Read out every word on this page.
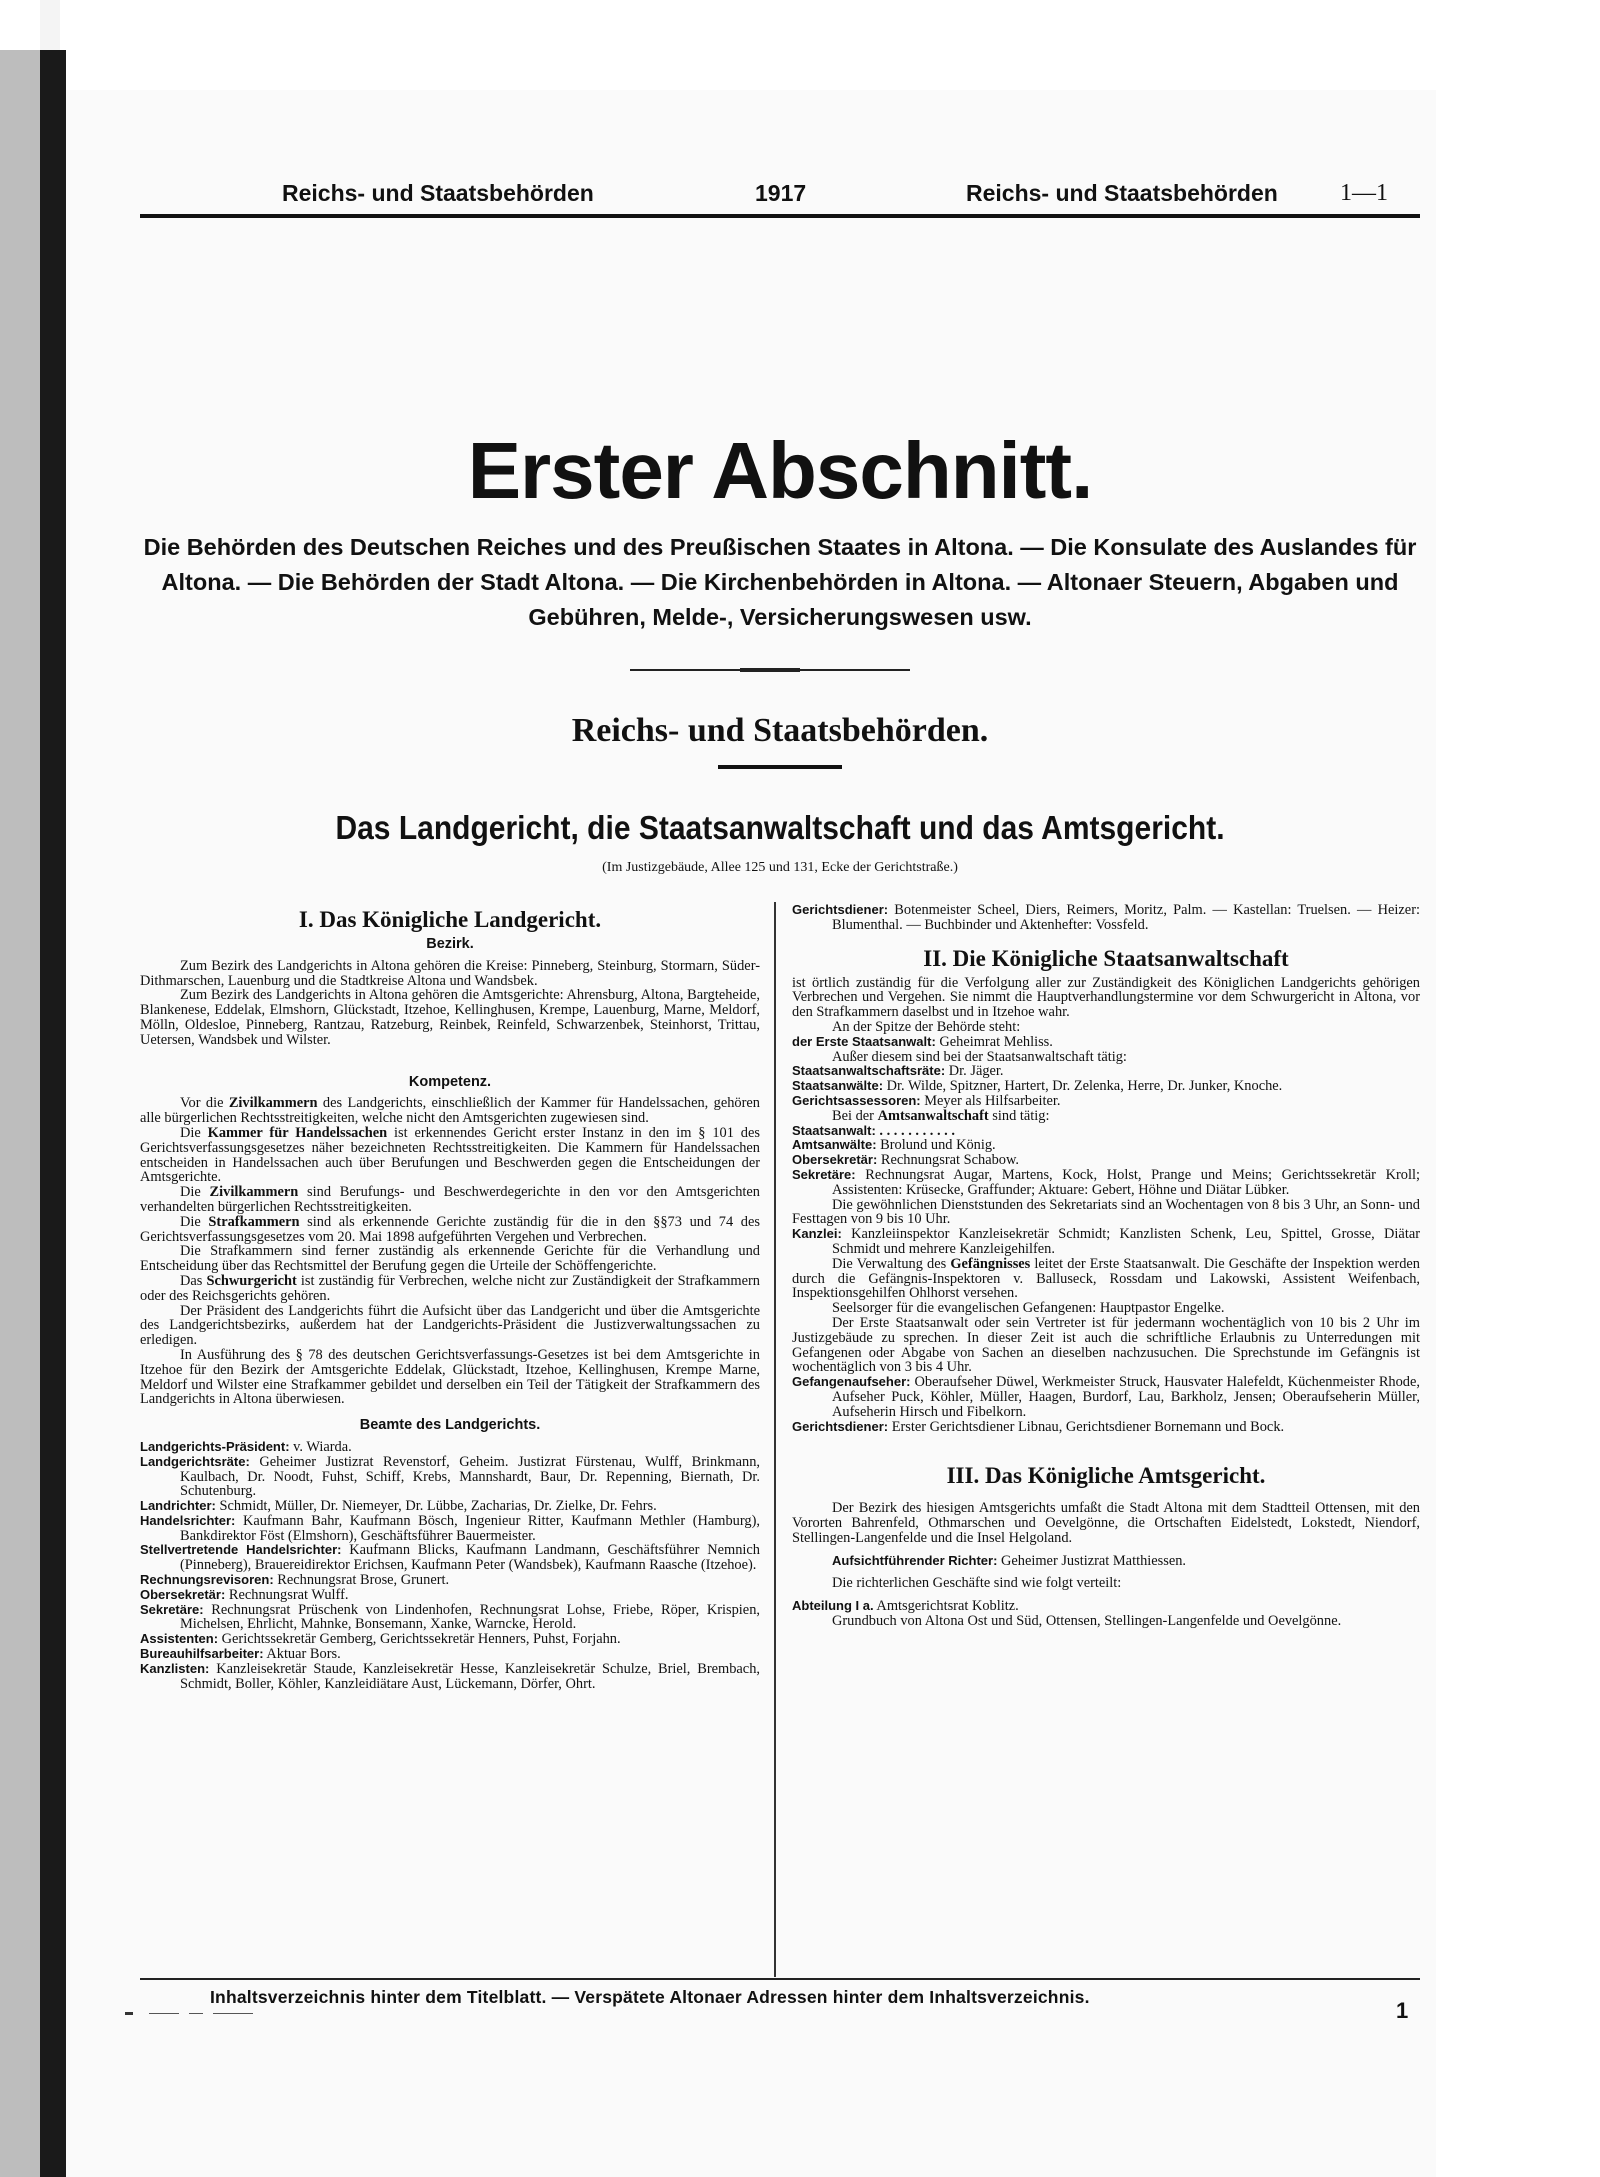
Reichs- und Staatsbehörden	1917	Reichs- und Staatsbehörden	1—1
Erster Abschnitt.
Die Behörden des Deutschen Reiches und des Preußischen Staates in Altona. — Die Konsulate des Auslandes für Altona. — Die Behörden der Stadt Altona. — Die Kirchenbehörden in Altona. — Altonaer Steuern, Abgaben und Gebühren, Melde-, Versicherungswesen usw.
Reichs- und Staatsbehörden.
Das Landgericht, die Staatsanwaltschaft und das Amtsgericht.
(Im Justizgebäude, Allee 125 und 131, Ecke der Gerichtstraße.)
I. Das Königliche Landgericht.
Bezirk.

Zum Bezirk des Landgerichts in Altona gehören die Kreise: Pinneberg, Steinburg, Stormarn, Süder-Dithmarschen, Lauenburg und die Stadtkreise Altona und Wandsbek.

Zum Bezirk des Landgerichts in Altona gehören die Amtsgerichte: Ahrensburg, Altona, Bargteheide, Blankenese, Eddelak, Elmshorn, Glückstadt, Itzehoe, Kellinghusen, Krempe, Lauenburg, Marne, Meldorf, Mölln, Oldesloe, Pinneberg, Rantzau, Ratzeburg, Reinbek, Reinfeld, Schwarzenbek, Steinhorst, Trittau, Uetersen, Wandsbek und Wilster.

Kompetenz.

Vor die Zivilkammern des Landgerichts, einschließlich der Kammer für Handelssachen, gehören alle bürgerlichen Rechtsstreitigkeiten, welche nicht den Amtsgerichten zugewiesen sind.

Die Kammer für Handelssachen ist erkennendes Gericht erster Instanz in den im § 101 des Gerichtsverfassungsgesetzes näher bezeichneten Rechtsstreitigkeiten. Die Kammern für Handelssachen entscheiden in Handelssachen auch über Berufungen und Beschwerden gegen die Entscheidungen der Amtsgerichte.

Die Zivilkammern sind Berufungs- und Beschwerdegerichte in den vor den Amtsgerichten verhandelten bürgerlichen Rechtsstreitigkeiten.

Die Strafkammern sind als erkennende Gerichte zuständig für die in den §§73 und 74 des Gerichtsverfassungsgesetzes vom 20. Mai 1898 aufgeführten Vergehen und Verbrechen.

Die Strafkammern sind ferner zuständig als erkennende Gerichte für die Verhandlung und Entscheidung über das Rechtsmittel der Berufung gegen die Urteile der Schöffengerichte.

Das Schwurgericht ist zuständig für Verbrechen, welche nicht zur Zuständigkeit der Strafkammern oder des Reichsgerichts gehören.

Der Präsident des Landgerichts führt die Aufsicht über das Landgericht und über die Amtsgerichte des Landgerichtsbezirks, außerdem hat der Landgerichts-Präsident die Justizverwaltungssachen zu erledigen.

In Ausführung des § 78 des deutschen Gerichtsverfassungs-Gesetzes ist bei dem Amtsgerichte in Itzehoe für den Bezirk der Amtsgerichte Eddelak, Glückstadt, Itzehoe, Kellinghusen, Krempe Marne, Meldorf und Wilster eine Strafkammer gebildet und derselben ein Teil der Tätigkeit der Strafkammern des Landgerichts in Altona überwiesen.

Beamte des Landgerichts.
Landgerichts-Präsident: v. Wiarda.
Landgerichtsräte: Geheimer Justizrat Revenstorf, Geheim. Justizrat Fürstenau, Wulff, Brinkmann, Kaulbach, Dr. Noodt, Fuhst, Schiff, Krebs, Mannshardt, Baur, Dr. Repenning, Biernath, Dr. Schutenburg.
Landrichter: Schmidt, Müller, Dr. Niemeyer, Dr. Lübbe, Zacharias, Dr. Zielke, Dr. Fehrs.
Handelsrichter: Kaufmann Bahr, Kaufmann Bösch, Ingenieur Ritter, Kaufmann Methler (Hamburg), Bankdirektor Föst (Elmshorn), Geschäftsführer Bauermeister.
Stellvertretende Handelsrichter: Kaufmann Blicks, Kaufmann Landmann, Geschäftsführer Nemnich (Pinneberg), Brauereidirektor Erichsen, Kaufmann Peter (Wandsbek), Kaufmann Raasche (Itzehoe).
Rechnungsrevisoren: Rechnungsrat Brose, Grunert.
Obersekretär: Rechnungsrat Wulff.
Sekretäre: Rechnungsrat Prüschenk von Lindenhofen, Rechnungsrat Lohse, Friebe, Röper, Krispien, Michelsen, Ehrlicht, Mahnke, Bonsemann, Xanke, Warncke, Herold.
Assistenten: Gerichtssekretär Gemberg, Gerichtssekretär Henners, Puhst, Forjahn.
Bureauhilfsarbeiter: Aktuar Bors.
Kanzlisten: Kanzleisekretär Staude, Kanzleisekretär Hesse, Kanzleisekretär Schulze, Briel, Brembach, Schmidt, Boller, Köhler, Kanzleidiätare Aust, Lückemann, Dörfer, Ohrt.
Gerichtsdiener: Botenmeister Scheel, Diers, Reimers, Moritz, Palm. — Kastellan: Truelsen. — Heizer: Blumenthal. — Buchbinder und Aktenhefter: Vossfeld.
II. Die Königliche Staatsanwaltschaft
ist örtlich zuständig für die Verfolgung aller zur Zuständigkeit des Königlichen Landgerichts gehörigen Verbrechen und Vergehen. Sie nimmt die Hauptverhandlungstermine vor dem Schwurgericht in Altona, vor den Strafkammern daselbst und in Itzehoe wahr.

An der Spitze der Behörde steht:

der Erste Staatsanwalt: Geheimrat Mehliss.

Außer diesem sind bei der Staatsanwaltschaft tätig:

Staatsanwaltschaftsräte: Dr. Jäger.
Staatsanwälte: Dr. Wilde, Spitzner, Hartert, Dr. Zelenka, Herre, Dr. Junker, Knoche.
Gerichtsassessoren: Meyer als Hilfsarbeiter.

Bei der Amtsanwaltschaft sind tätig:

Staatsanwalt: . . . . . . . . . . .
Amtsanwälte: Brolund und König.
Obersekretär: Rechnungsrat Schabow.
Sekretäre: Rechnungsrat Augar, Martens, Kock, Holst, Prange und Meins; Gerichtssekretär Kroll; Assistenten: Krüsecke, Graffunder; Aktuare: Gebert, Höhne und Diätar Lübker.

Die gewöhnlichen Dienststunden des Sekretariats sind an Wochentagen von 8 bis 3 Uhr, an Sonn- und Festtagen von 9 bis 10 Uhr.

Kanzlei: Kanzleiinspektor Kanzleisekretär Schmidt; Kanzlisten Schenk, Leu, Spittel, Grosse, Diätar Schmidt und mehrere Kanzleigehilfen.

Die Verwaltung des Gefängnisses leitet der Erste Staatsanwalt. Die Geschäfte der Inspektion werden durch die Gefängnis-Inspektoren v. Balluseck, Rossdam und Lakowski, Assistent Weifenbach, Inspektionsgehilfen Ohlhorst versehen.

Seelsorger für die evangelischen Gefangenen: Hauptpastor Engelke.

Der Erste Staatsanwalt oder sein Vertreter ist für jedermann wochentäglich von 10 bis 2 Uhr im Justizgebäude zu sprechen. In dieser Zeit ist auch die schriftliche Erlaubnis zu Unterredungen mit Gefangenen oder Abgabe von Sachen an dieselben nachzusuchen. Die Sprechstunde im Gefängnis ist wochentäglich von 3 bis 4 Uhr.

Gefangenaufseher: Oberaufseher Düwel, Werkmeister Struck, Hausvater Halefeldt, Küchenmeister Rhode, Aufseher Puck, Köhler, Müller, Haagen, Burdorf, Lau, Barkholz, Jensen; Oberaufseherin Müller, Aufseherin Hirsch und Fibelkorn.
Gerichtsdiener: Erster Gerichtsdiener Libnau, Gerichtsdiener Bornemann und Bock.
III. Das Königliche Amtsgericht.

Der Bezirk des hiesigen Amtsgerichts umfaßt die Stadt Altona mit dem Stadtteil Ottensen, mit den Vororten Bahrenfeld, Othmarschen und Oevelgönne, die Ortschaften Eidelstedt, Lokstedt, Niendorf, Stellingen-Langenfelde und die Insel Helgoland.

Aufsichtführender Richter: Geheimer Justizrat Matthiessen.

Die richterlichen Geschäfte sind wie folgt verteilt:

Abteilung I a. Amtsgerichtsrat Koblitz.
Grundbuch von Altona Ost und Süd, Ottensen, Stellingen-Langenfelde und Oevelgönne.
Inhaltsverzeichnis hinter dem Titelblatt. — Verspätete Altonaer Adressen hinter dem Inhaltsverzeichnis.
1
